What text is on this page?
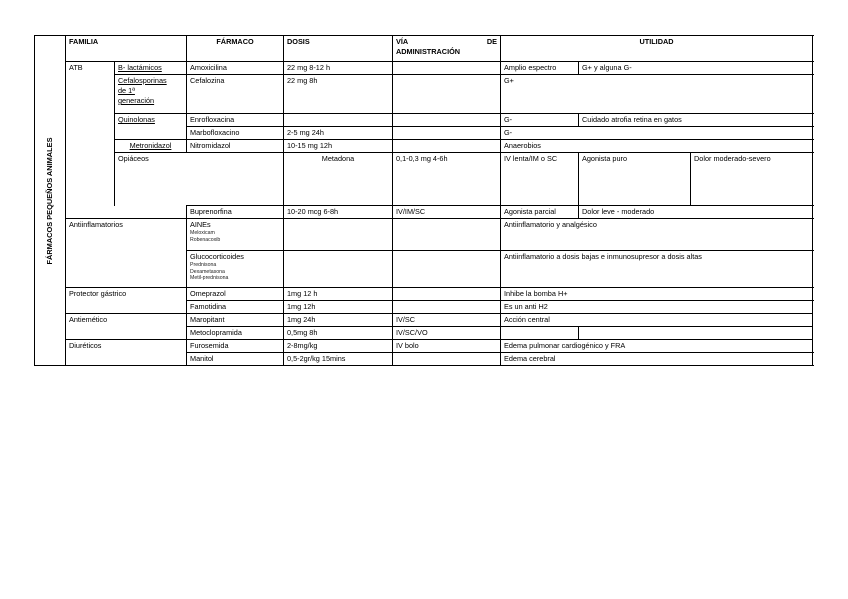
FÁRMACOS PEQUEÑOS ANIMALES	FAMILIA		FÁRMACO	DOSIS	VÍA DE
ADMINISTRACIÓN	UTILIDAD			
	ATB	B- lactámicos	Amoxicilina	22 mg 8-12 h		Amplio espectro	G+ y alguna G-		

		Cefalosporinas
de 1ª
generación	Cefalozina	22 mg 8h		G+			
		Quinolonas	Enrofloxacina			G-	Cuidado atrofia retina en gatos		
			Marbofloxacino	2-5 mg 24h		G-			
		Metronidazol	Nitromidazol	10-15 mg 12h		Anaerobios			
		Opiáceos		Metadona	0,1-0,3 mg 4-6h	IV lenta/IM o SC	Agonista puro	Dolor moderado-severo	
			Buprenorfina	10-20 mcg 6-8h	IV/IM/SC	Agonista parcial	Dolor leve - moderado		
	Antiinflamatorios		AINEs
Meloxicam
Robenacoxib			Antiinflamatorio y analgésico			

			Glucocorticoides
Prednisona
Dexametasona
Metil-prednisona			Antiinflamatorio a dosis bajas e inmunosupresor a dosis altas			
	Protector gástrico		Omeprazol	1mg 12 h		Inhibe la bomba H+			
			Famotidina	1mg 12h		Es un anti H2			
	Antiemético		Maropitant	1mg 24h	IV/SC	Acción central			
			Metoclopramida	0,5mg 8h	IV/SC/VO				
	Diuréticos		Furosemida	2-8mg/kg	IV bolo	Edema pulmonar cardiogénico y FRA			
			Manitol	0,5-2gr/kg 15mins		Edema cerebral			
